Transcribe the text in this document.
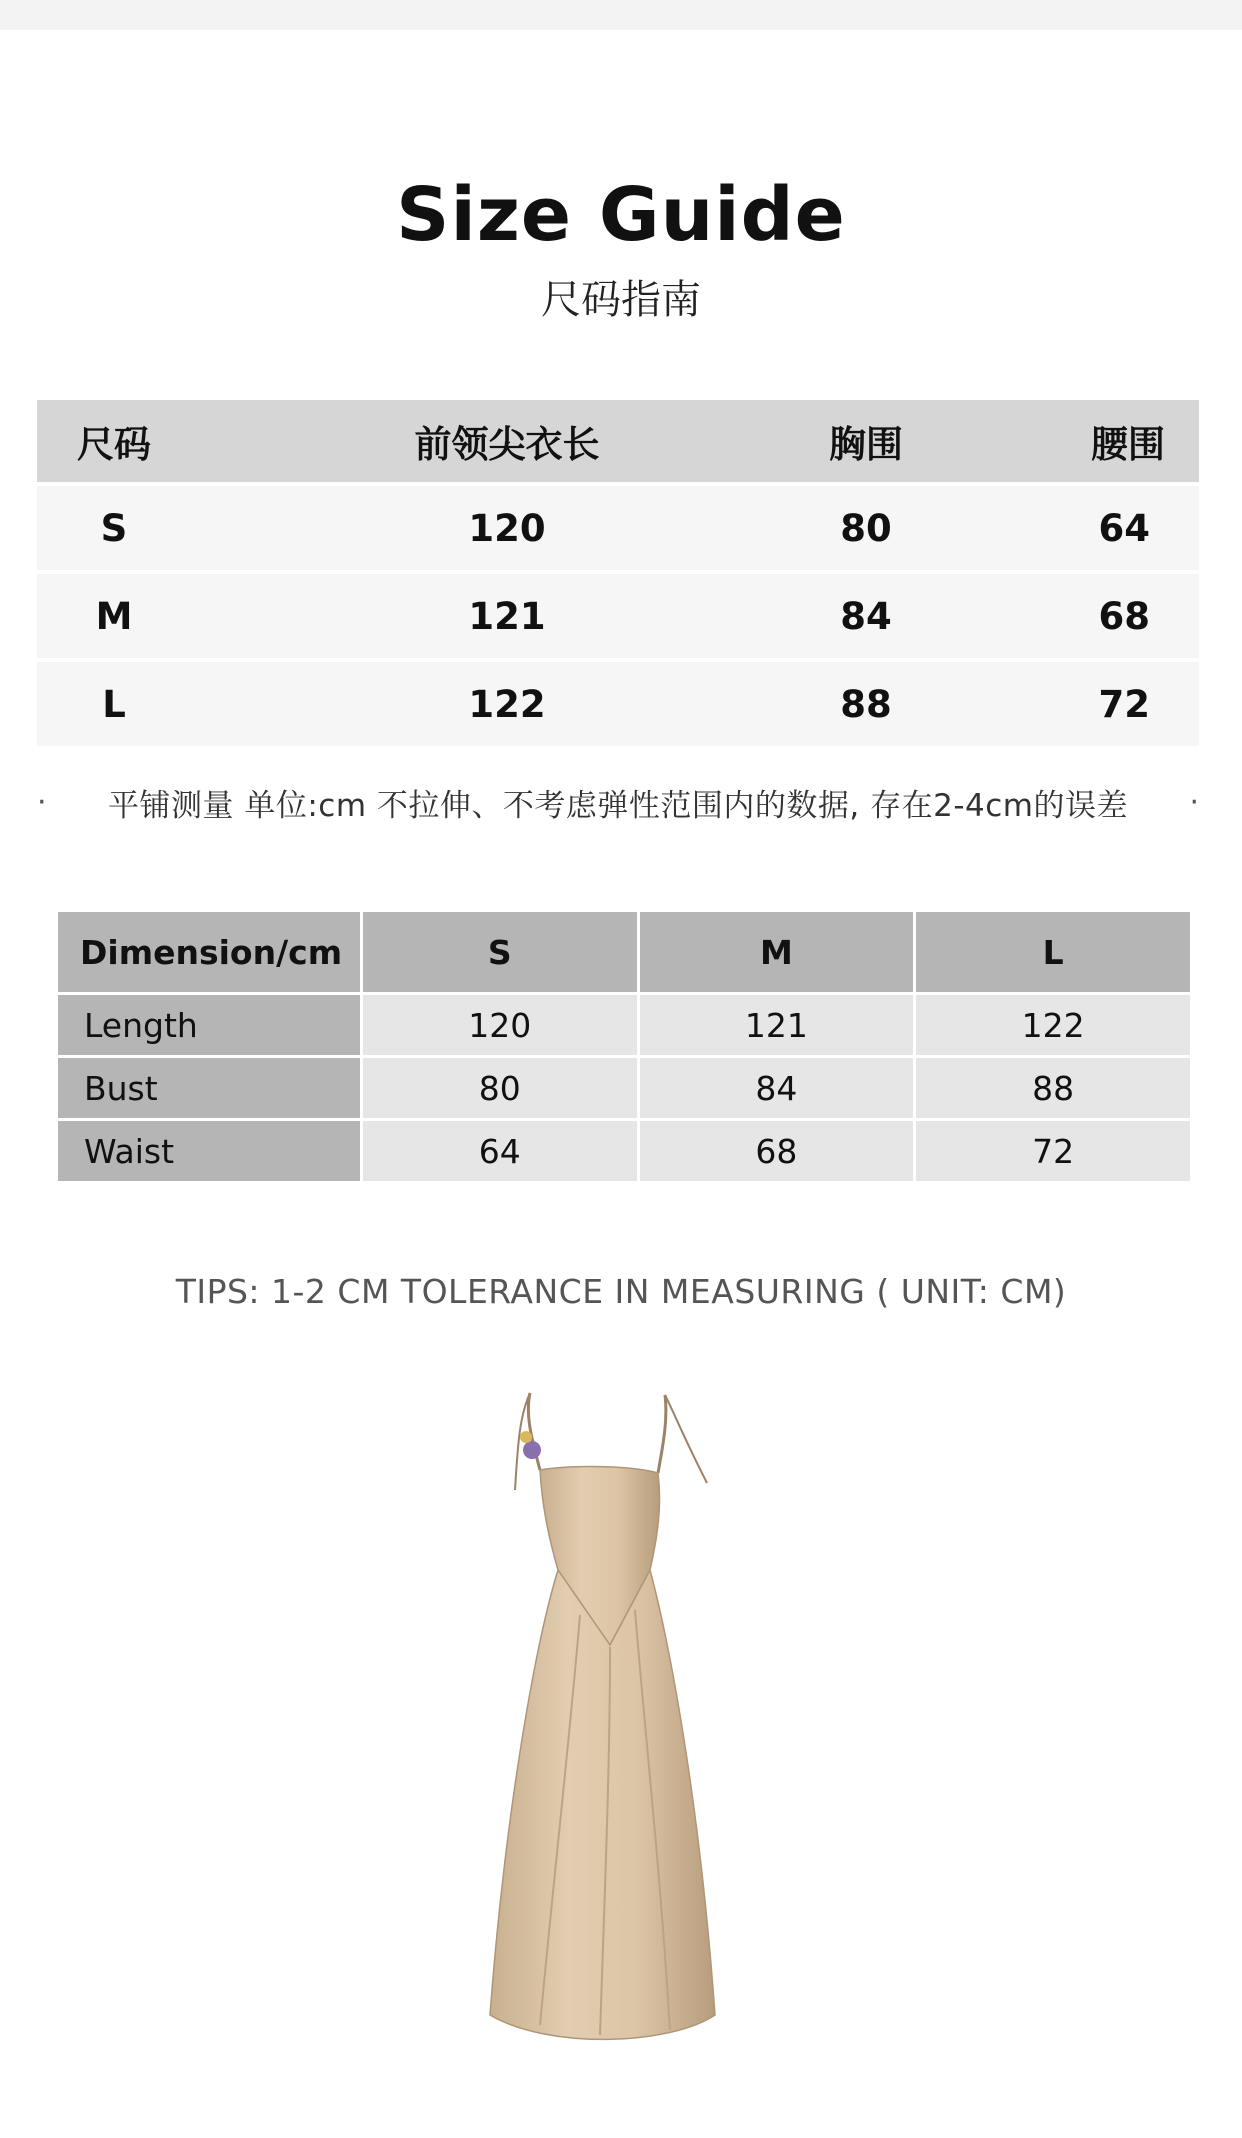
Size Guide
尺码指南
尺码	前领尖衣长	胸围	腰围
S	120	80	64
M	121	84	68
L	122	88	72
·	平铺测量 单位:cm 不拉伸、不考虑弹性范围内的数据, 存在2-4cm的误差	·
Dimension/cm	S	M	L
Length	120	121	122
Bust	80	84	88
Waist	64	68	72
TIPS: 1-2 CM TOLERANCE IN MEASURING ( UNIT: CM)
